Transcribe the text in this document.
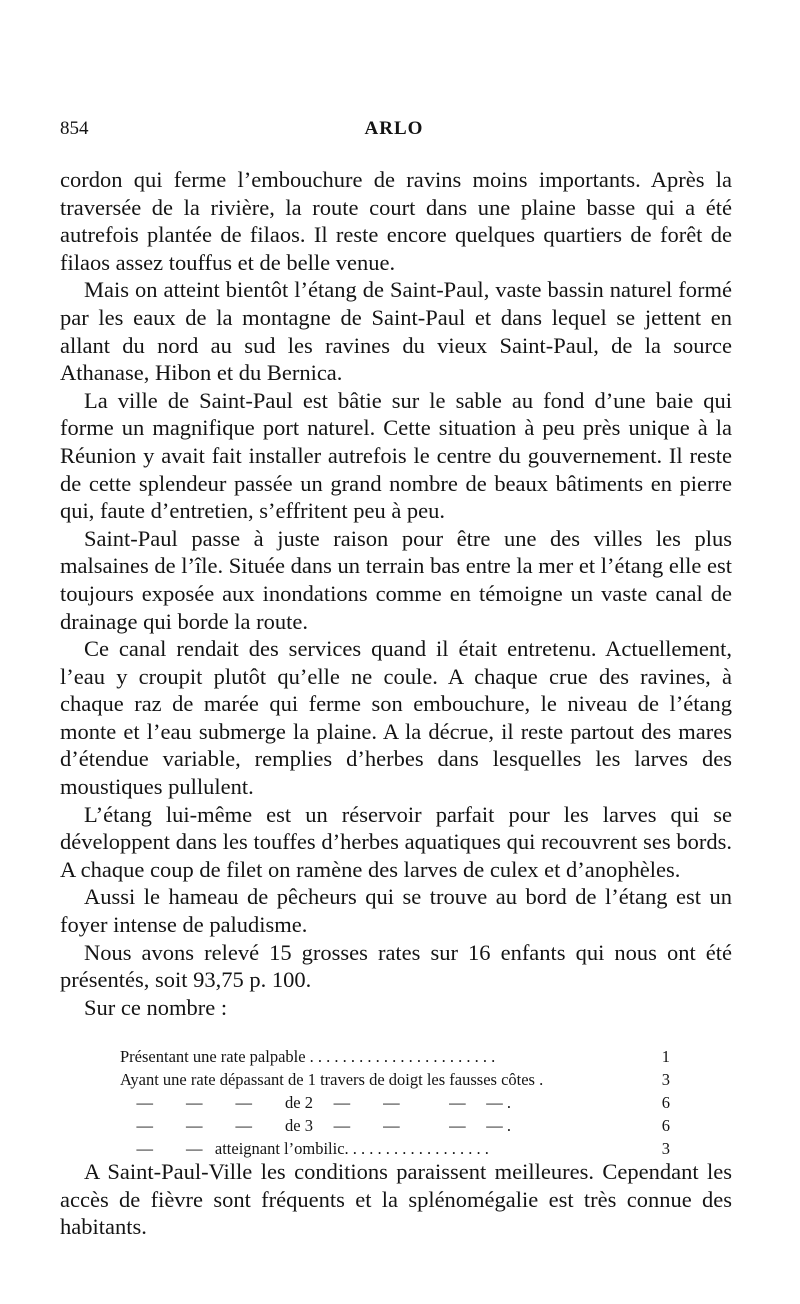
854	ARLO

cordon qui ferme l’embouchure de ravins moins importants. Après la traversée de la rivière, la route court dans une plaine basse qui a été autrefois plantée de filaos. Il reste encore quelques quartiers de forêt de filaos assez touffus et de belle venue.

Mais on atteint bientôt l’étang de Saint-Paul, vaste bassin naturel formé par les eaux de la montagne de Saint-Paul et dans lequel se jettent en allant du nord au sud les ravines du vieux Saint-Paul, de la source Athanase, Hibon et du Bernica.

La ville de Saint-Paul est bâtie sur le sable au fond d’une baie qui forme un magnifique port naturel. Cette situation à peu près unique à la Réunion y avait fait installer autrefois le centre du gouvernement. Il reste de cette splendeur passée un grand nombre de beaux bâtiments en pierre qui, faute d’entretien, s’effritent peu à peu.

Saint-Paul passe à juste raison pour être une des villes les plus malsaines de l’île. Située dans un terrain bas entre la mer et l’étang elle est toujours exposée aux inondations comme en témoigne un vaste canal de drainage qui borde la route.

Ce canal rendait des services quand il était entretenu. Actuellement, l’eau y croupit plutôt qu’elle ne coule. A chaque crue des ravines, à chaque raz de marée qui ferme son embouchure, le niveau de l’étang monte et l’eau submerge la plaine. A la décrue, il reste partout des mares d’étendue variable, remplies d’herbes dans lesquelles les larves des moustiques pullulent.

L’étang lui-même est un réservoir parfait pour les larves qui se développent dans les touffes d’herbes aquatiques qui recouvrent ses bords. A chaque coup de filet on ramène des larves de culex et d’anophèles.

Aussi le hameau de pêcheurs qui se trouve au bord de l’étang est un foyer intense de paludisme.

Nous avons relevé 15 grosses rates sur 16 enfants qui nous ont été présentés, soit 93,75 p. 100.

Sur ce nombre :

Présentant une rate palpable . . . . . . . . . . . . . . . . . . . . . . .	1
Ayant une rate dépassant de 1 travers de doigt les fausses côtes .	3
—        —        —        de 2     —        —            —     — .	6
—        —        —        de 3     —        —            —     — .	6
—        —   atteignant l’ombilic. . . . . . . . . . . . . . . . . .	3

A Saint-Paul-Ville les conditions paraissent meilleures. Cependant les accès de fièvre sont fréquents et la splénomégalie est très connue des habitants.
